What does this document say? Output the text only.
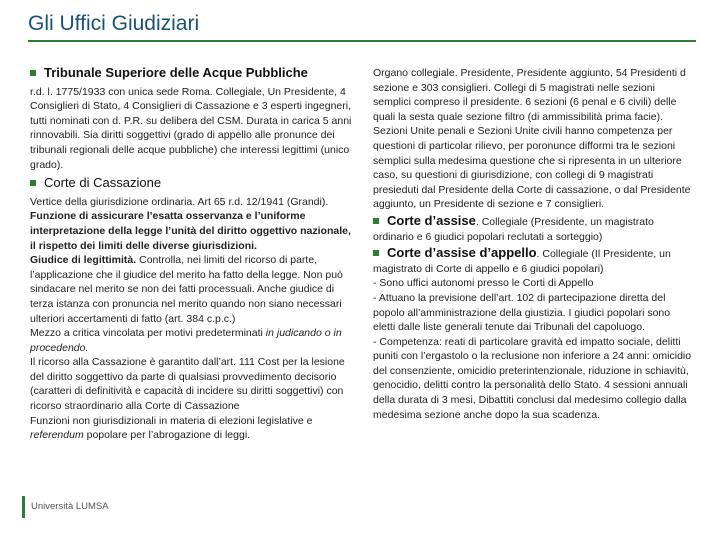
Gli Uffici Giudiziari
Tribunale Superiore delle Acque Pubbliche

r.d. l. 1775/1933 con unica sede Roma. Collegiale, Un Presidente, 4 Consiglieri di Stato, 4 Consiglieri di Cassazione e 3 esperti ingegneri, tutti nominati con d. P.R. su delibera del CSM. Durata in carica 5 anni rinnovabili. Sia diritti soggettivi (grado di appello alle pronunce dei tribunali regionali delle acque pubbliche) che interessi legittimi (unico grado).

Corte di Cassazione

Vertice della giurisdizione ordinaria. Art 65 r.d. 12/1941 (Grandi).

Funzione di assicurare l’esatta osservanza e l’uniforme interpretazione della legge l’unità del diritto oggettivo nazionale, il rispetto dei limiti delle diverse giurisdizioni.

Giudice di legittimità. Controlla, nei limiti del ricorso di parte, l’applicazione che il giudice del merito ha fatto della legge. Non può sindacare nel merito se non dei fatti processuali. Anche giudice di terza istanza con pronuncia nel merito quando non siano necessari ulteriori accertamenti di fatto (art. 384 c.p.c.)

Mezzo a critica vincolata per motivi predeterminati in judicando o in procedendo.

Il ricorso alla Cassazione è garantito dall’art. 111 Cost per la lesione del diritto soggettivo da parte di qualsiasi provvedimento decisorio (caratteri di definitività e capacità di incidere su diritti soggettivi) con ricorso straordinario alla Corte di Cassazione

Funzioni non giurisdizionali in materia di elezioni legislative e referendum popolare per l’abrogazione di leggi.

Organo collegiale. Presidente, Presidente aggiunto, 54 Presidenti d sezione e 303 consiglieri. Collegi di 5 magistrati nelle sezioni semplici compreso il presidente. 6 sezioni (6 penal e 6 civili) delle quali la sesta quale sezione filtro (di ammissibilità prima facie). Sezioni Unite penali e Sezioni Unite civili hanno competenza per questioni di particolar rilievo, per poronunce difformi tra le sezioni semplici sulla medesima questione che si ripresenta in un ulteriore caso, su questioni di giurisdizione, con collegi di 9 magistrati presieduti dal Presidente della Corte di cassazione, o dal Presidente aggiunto, un Presidente di sezione e 7 consiglieri.

Corte d’assise. Collegiale (Presidente, un magistrato ordinario e 6 giudici popolari reclutati a sorteggio)
Corte d’assise d’appello. Collegiale (Il Presidente, un magistrato di Corte di appello e 6 giudici popolari)

- Sono uffici autonomi presso le Corti di Appello

- Attuano la previsione dell’art. 102 di partecipazione diretta del popolo all’amministrazione della giustizia. I giudici popolari sono eletti dalle liste generali tenute dai Tribunali del capoluogo.

- Competenza: reati di particolare gravità ed impatto sociale, delitti puniti con l’ergastolo o la reclusione non inferiore a 24 anni: omicidio del consenziente, omicidio preterintenzionale, riduzione in schiavitù, genocidio, delitti contro la personalità dello Stato. 4 sessioni annuali della durata di 3 mesi, Dibattiti conclusi dal medesimo collegio dalla medesima sezione anche dopo la sua scadenza.

Università LUMSA
